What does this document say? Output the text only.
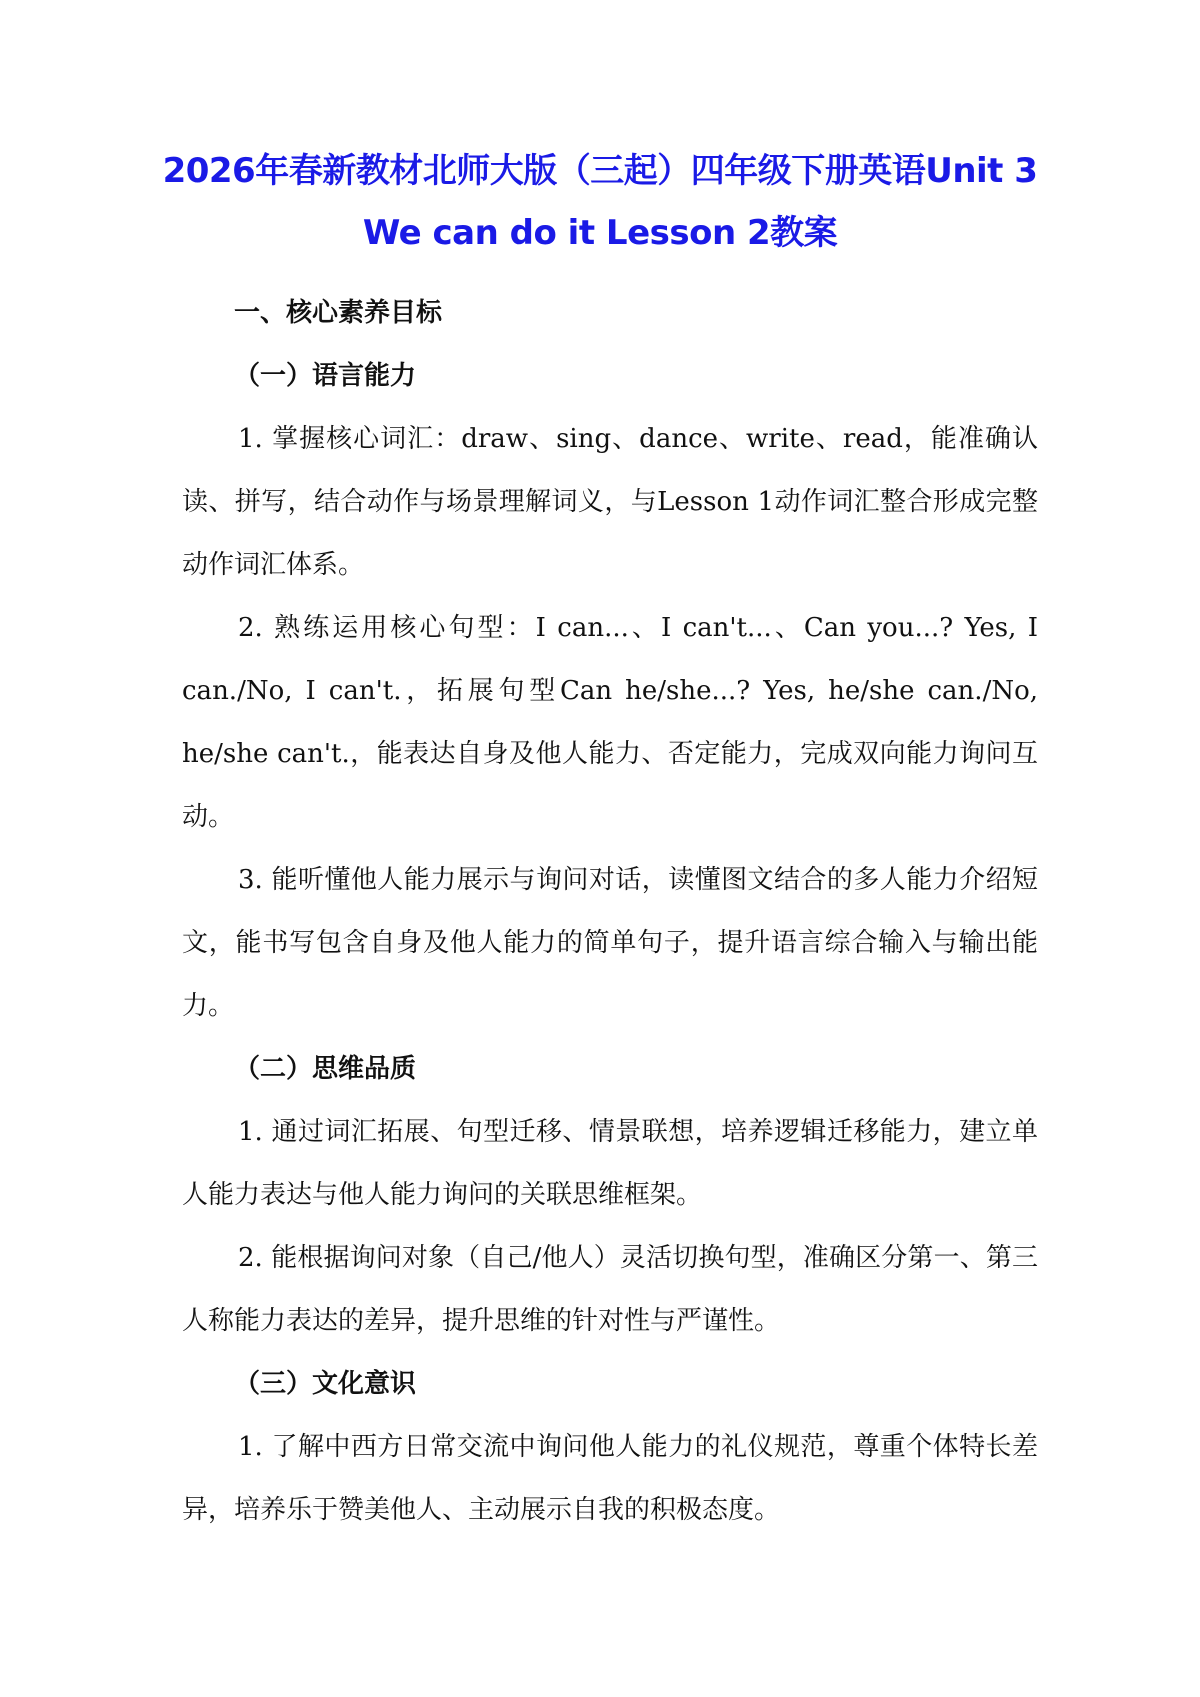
2026年春新教材北师大版（三起）四年级下册英语Unit 3 We can do it Lesson 2教案

一、核心素养目标

（一）语言能力

1. 掌握核心词汇：draw、sing、dance、write、read，能准确认读、拼写，结合动作与场景理解词义，与Lesson 1动作词汇整合形成完整动作词汇体系。

2. 熟练运用核心句型：I can...、I can't...、Can you...? Yes, I can./No, I can't.，拓展句型Can he/she...? Yes, he/she can./No, he/she can't.，能表达自身及他人能力、否定能力，完成双向能力询问互动。

3. 能听懂他人能力展示与询问对话，读懂图文结合的多人能力介绍短文，能书写包含自身及他人能力的简单句子，提升语言综合输入与输出能力。

（二）思维品质

1. 通过词汇拓展、句型迁移、情景联想，培养逻辑迁移能力，建立单人能力表达与他人能力询问的关联思维框架。

2. 能根据询问对象（自己/他人）灵活切换句型，准确区分第一、第三人称能力表达的差异，提升思维的针对性与严谨性。

（三）文化意识

1. 了解中西方日常交流中询问他人能力的礼仪规范，尊重个体特长差异，培养乐于赞美他人、主动展示自我的积极态度。
